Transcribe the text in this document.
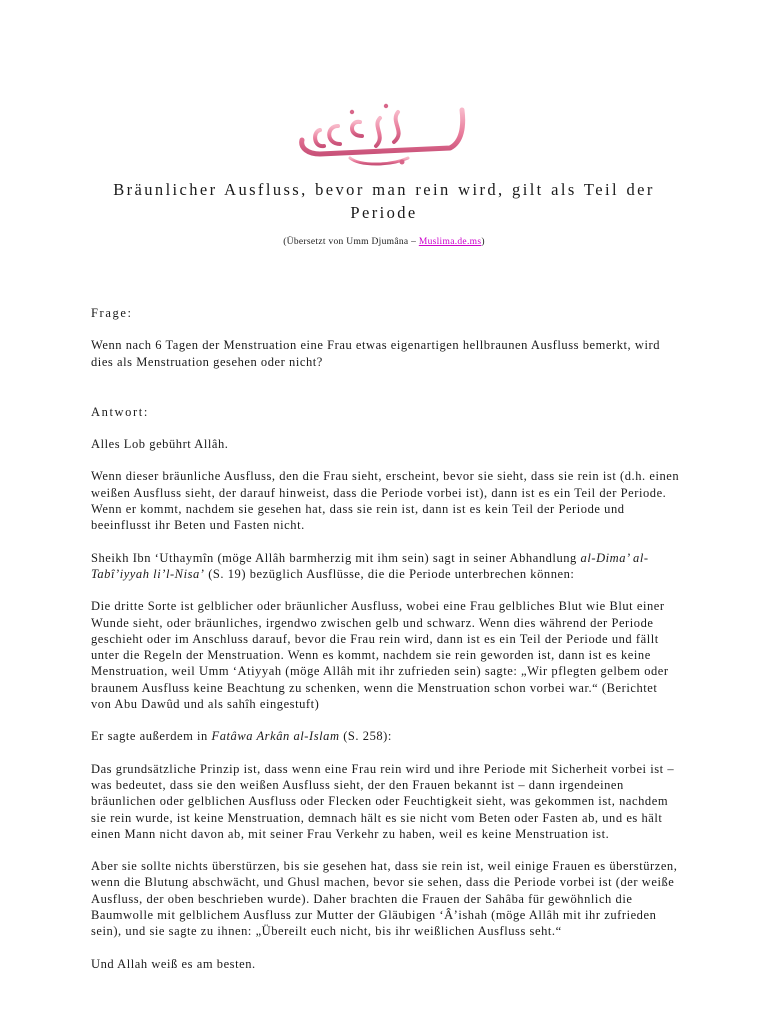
Bräunlicher Ausfluss, bevor man rein wird, gilt als Teil der Periode
(Übersetzt von Umm Djumâna – Muslima.de.ms)

Frage:

Wenn nach 6 Tagen der Menstruation eine Frau etwas eigenartigen hellbraunen Ausfluss bemerkt, wird dies als Menstruation gesehen oder nicht?

Antwort:

Alles Lob gebührt Allâh.

Wenn dieser bräunliche Ausfluss, den die Frau sieht, erscheint, bevor sie sieht, dass sie rein ist (d.h. einen weißen Ausfluss sieht, der darauf hinweist, dass die Periode vorbei ist), dann ist es ein Teil der Periode. Wenn er kommt, nachdem sie gesehen hat, dass sie rein ist, dann ist es kein Teil der Periode und beeinflusst ihr Beten und Fasten nicht.

Sheikh Ibn ‘Uthaymîn (möge Allâh barmherzig mit ihm sein) sagt in seiner Abhandlung al-Dima’ al-Tabî’iyyah li’l-Nisa’ (S. 19) bezüglich Ausflüsse, die die Periode unterbrechen können:

Die dritte Sorte ist gelblicher oder bräunlicher Ausfluss, wobei eine Frau gelbliches Blut wie Blut einer Wunde sieht, oder bräunliches, irgendwo zwischen gelb und schwarz. Wenn dies während der Periode geschieht oder im Anschluss darauf, bevor die Frau rein wird, dann ist es ein Teil der Periode und fällt unter die Regeln der Menstruation. Wenn es kommt, nachdem sie rein geworden ist, dann ist es keine Menstruation, weil Umm ‘Atiyyah (möge Allâh mit ihr zufrieden sein) sagte: „Wir pflegten gelbem oder braunem Ausfluss keine Beachtung zu schenken, wenn die Menstruation schon vorbei war.“ (Berichtet von Abu Dawûd und als sahîh eingestuft)

Er sagte außerdem in Fatâwa Arkân al-Islam (S. 258):

Das grundsätzliche Prinzip ist, dass wenn eine Frau rein wird und ihre Periode mit Sicherheit vorbei ist – was bedeutet, dass sie den weißen Ausfluss sieht, der den Frauen bekannt ist – dann irgendeinen bräunlichen oder gelblichen Ausfluss oder Flecken oder Feuchtigkeit sieht, was gekommen ist, nachdem sie rein wurde, ist keine Menstruation, demnach hält es sie nicht vom Beten oder Fasten ab, und es hält einen Mann nicht davon ab, mit seiner Frau Verkehr zu haben, weil es keine Menstruation ist.

Aber sie sollte nichts überstürzen, bis sie gesehen hat, dass sie rein ist, weil einige Frauen es überstürzen, wenn die Blutung abschwächt, und Ghusl machen, bevor sie sehen, dass die Periode vorbei ist (der weiße Ausfluss, der oben beschrieben wurde). Daher brachten die Frauen der Sahâba für gewöhnlich die Baumwolle mit gelblichem Ausfluss zur Mutter der Gläubigen ‘Â’ishah (möge Allâh mit ihr zufrieden sein), und sie sagte zu ihnen: „Übereilt euch nicht, bis ihr weißlichen Ausfluss seht.“

Und Allah weiß es am besten.
